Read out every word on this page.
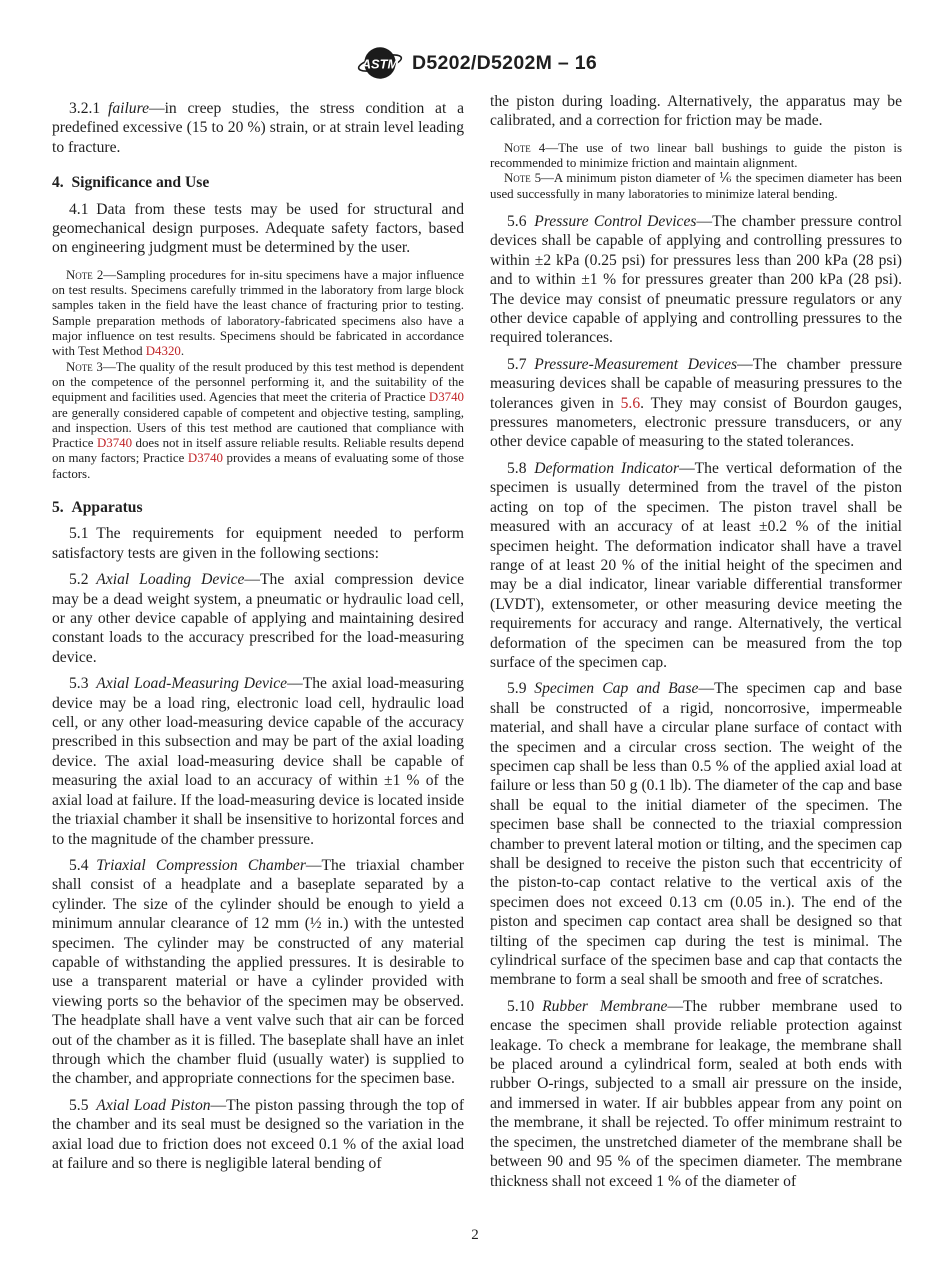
ASTM D5202/D5202M – 16

3.2.1 failure—in creep studies, the stress condition at a predefined excessive (15 to 20 %) strain, or at strain level leading to fracture.

4. Significance and Use

4.1 Data from these tests may be used for structural and geomechanical design purposes. Adequate safety factors, based on engineering judgment must be determined by the user.

Note 2—Sampling procedures for in-situ specimens have a major influence on test results. Specimens carefully trimmed in the laboratory from large block samples taken in the field have the least chance of fracturing prior to testing. Sample preparation methods of laboratory-fabricated specimens also have a major influence on test results. Specimens should be fabricated in accordance with Test Method D4320.

Note 3—The quality of the result produced by this test method is dependent on the competence of the personnel performing it, and the suitability of the equipment and facilities used. Agencies that meet the criteria of Practice D3740 are generally considered capable of competent and objective testing, sampling, and inspection. Users of this test method are cautioned that compliance with Practice D3740 does not in itself assure reliable results. Reliable results depend on many factors; Practice D3740 provides a means of evaluating some of those factors.

5. Apparatus

5.1 The requirements for equipment needed to perform satisfactory tests are given in the following sections:

5.2 Axial Loading Device—The axial compression device may be a dead weight system, a pneumatic or hydraulic load cell, or any other device capable of applying and maintaining desired constant loads to the accuracy prescribed for the load-measuring device.

5.3 Axial Load-Measuring Device—The axial load-measuring device may be a load ring, electronic load cell, hydraulic load cell, or any other load-measuring device capable of the accuracy prescribed in this subsection and may be part of the axial loading device. The axial load-measuring device shall be capable of measuring the axial load to an accuracy of within ±1 % of the axial load at failure. If the load-measuring device is located inside the triaxial chamber it shall be insensitive to horizontal forces and to the magnitude of the chamber pressure.

5.4 Triaxial Compression Chamber—The triaxial chamber shall consist of a headplate and a baseplate separated by a cylinder. The size of the cylinder should be enough to yield a minimum annular clearance of 12 mm (½ in.) with the untested specimen. The cylinder may be constructed of any material capable of withstanding the applied pressures. It is desirable to use a transparent material or have a cylinder provided with viewing ports so the behavior of the specimen may be observed. The headplate shall have a vent valve such that air can be forced out of the chamber as it is filled. The baseplate shall have an inlet through which the chamber fluid (usually water) is supplied to the chamber, and appropriate connections for the specimen base.

5.5 Axial Load Piston—The piston passing through the top of the chamber and its seal must be designed so the variation in the axial load due to friction does not exceed 0.1 % of the axial load at failure and so there is negligible lateral bending of

the piston during loading. Alternatively, the apparatus may be calibrated, and a correction for friction may be made.

Note 4—The use of two linear ball bushings to guide the piston is recommended to minimize friction and maintain alignment.

Note 5—A minimum piston diameter of ⅙ the specimen diameter has been used successfully in many laboratories to minimize lateral bending.

5.6 Pressure Control Devices—The chamber pressure control devices shall be capable of applying and controlling pressures to within ±2 kPa (0.25 psi) for pressures less than 200 kPa (28 psi) and to within ±1 % for pressures greater than 200 kPa (28 psi). The device may consist of pneumatic pressure regulators or any other device capable of applying and controlling pressures to the required tolerances.

5.7 Pressure-Measurement Devices—The chamber pressure measuring devices shall be capable of measuring pressures to the tolerances given in 5.6. They may consist of Bourdon gauges, pressures manometers, electronic pressure transducers, or any other device capable of measuring to the stated tolerances.

5.8 Deformation Indicator—The vertical deformation of the specimen is usually determined from the travel of the piston acting on top of the specimen. The piston travel shall be measured with an accuracy of at least ±0.2 % of the initial specimen height. The deformation indicator shall have a travel range of at least 20 % of the initial height of the specimen and may be a dial indicator, linear variable differential transformer (LVDT), extensometer, or other measuring device meeting the requirements for accuracy and range. Alternatively, the vertical deformation of the specimen can be measured from the top surface of the specimen cap.

5.9 Specimen Cap and Base—The specimen cap and base shall be constructed of a rigid, noncorrosive, impermeable material, and shall have a circular plane surface of contact with the specimen and a circular cross section. The weight of the specimen cap shall be less than 0.5 % of the applied axial load at failure or less than 50 g (0.1 lb). The diameter of the cap and base shall be equal to the initial diameter of the specimen. The specimen base shall be connected to the triaxial compression chamber to prevent lateral motion or tilting, and the specimen cap shall be designed to receive the piston such that eccentricity of the piston-to-cap contact relative to the vertical axis of the specimen does not exceed 0.13 cm (0.05 in.). The end of the piston and specimen cap contact area shall be designed so that tilting of the specimen cap during the test is minimal. The cylindrical surface of the specimen base and cap that contacts the membrane to form a seal shall be smooth and free of scratches.

5.10 Rubber Membrane—The rubber membrane used to encase the specimen shall provide reliable protection against leakage. To check a membrane for leakage, the membrane shall be placed around a cylindrical form, sealed at both ends with rubber O-rings, subjected to a small air pressure on the inside, and immersed in water. If air bubbles appear from any point on the membrane, it shall be rejected. To offer minimum restraint to the specimen, the unstretched diameter of the membrane shall be between 90 and 95 % of the specimen diameter. The membrane thickness shall not exceed 1 % of the diameter of

2
